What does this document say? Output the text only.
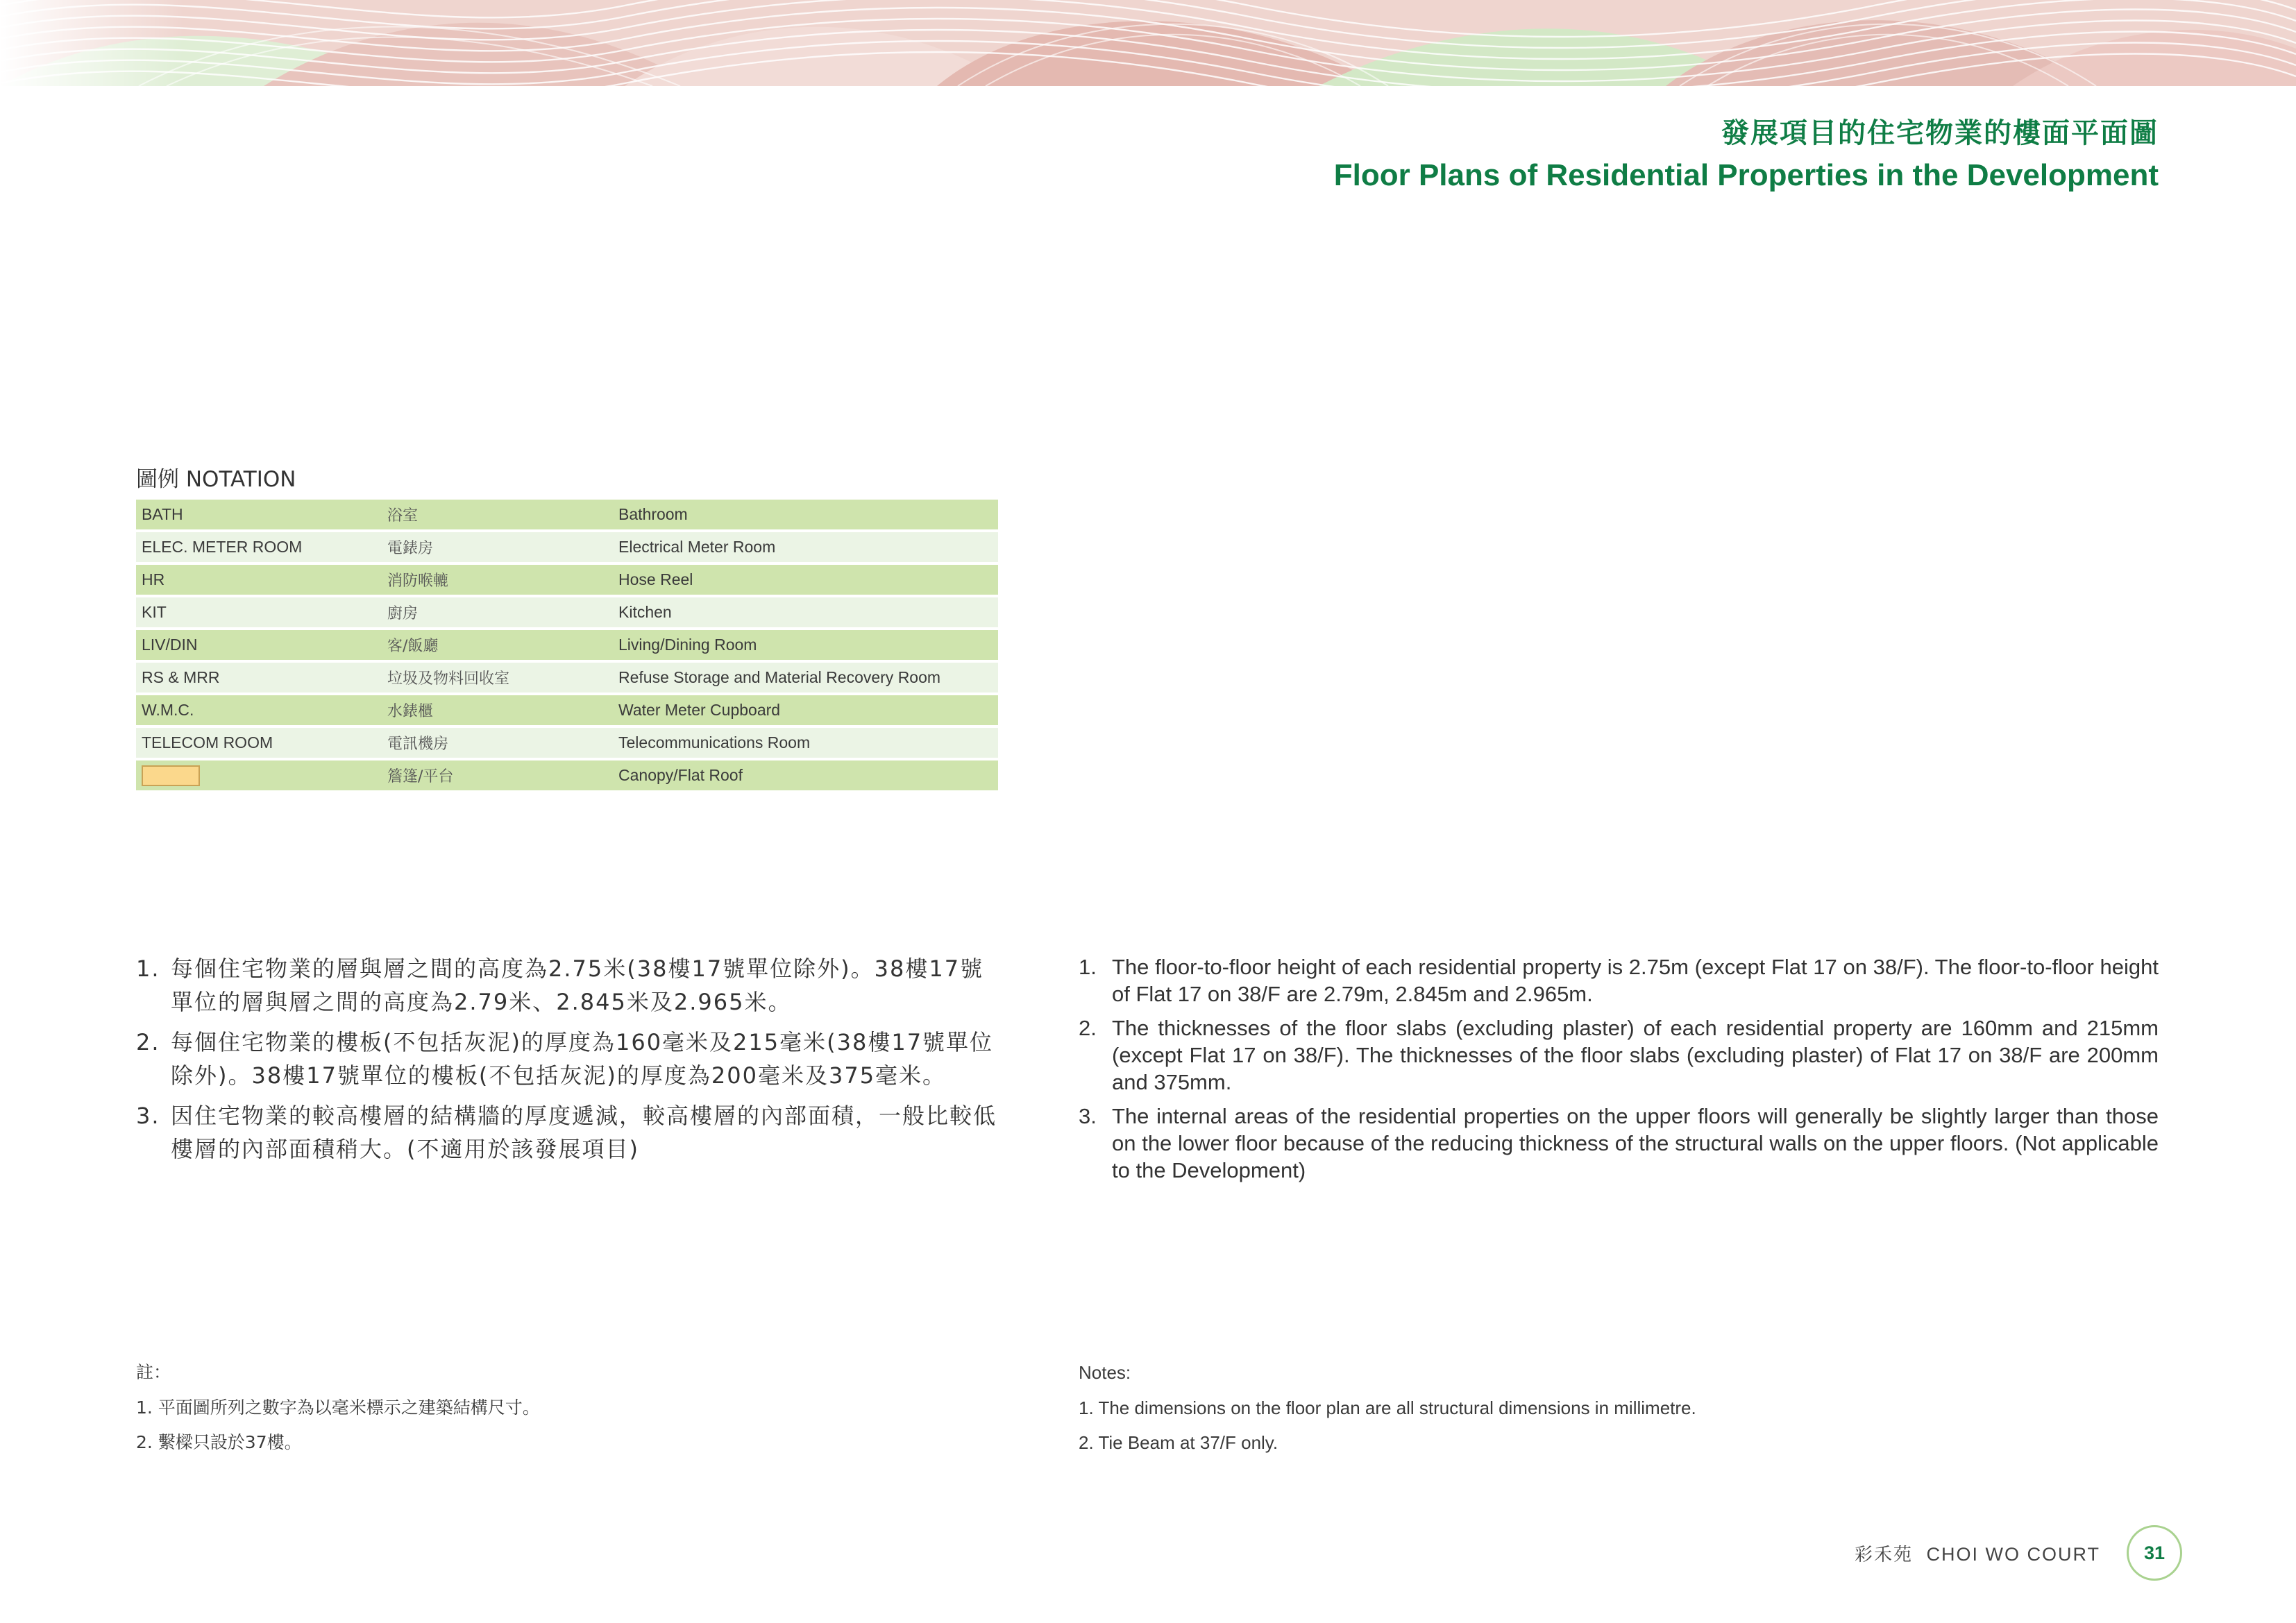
發展項目的住宅物業的樓面平面圖
Floor Plans of Residential Properties in the Development
圖例 NOTATION
BATH	浴室	Bathroom
ELEC. METER ROOM	電錶房	Electrical Meter Room
HR	消防喉轆	Hose Reel
KIT	廚房	Kitchen
LIV/DIN	客/飯廳	Living/Dining Room
RS & MRR	垃圾及物料回收室	Refuse Storage and Material Recovery Room
W.M.C.	水錶櫃	Water Meter Cupboard
TELECOM ROOM	電訊機房	Telecommunications Room
	簷篷/平台	Canopy/Flat Roof
1. 每個住宅物業的層與層之間的高度為2.75米(38樓17號單位除外)。38樓17號單位的層與層之間的高度為2.79米、2.845米及2.965米。
2. 每個住宅物業的樓板(不包括灰泥)的厚度為160毫米及215毫米(38樓17號單位除外)。38樓17號單位的樓板(不包括灰泥)的厚度為200毫米及375毫米。
3. 因住宅物業的較高樓層的結構牆的厚度遞減，較高樓層的內部面積，一般比較低樓層的內部面積稍大。(不適用於該發展項目)
1. The floor-to-floor height of each residential property is 2.75m (except Flat 17 on 38/F). The floor-to-floor height of Flat 17 on 38/F are 2.79m, 2.845m and 2.965m.
2. The thicknesses of the floor slabs (excluding plaster) of each residential property are 160mm and 215mm (except Flat 17 on 38/F). The thicknesses of the floor slabs (excluding plaster) of Flat 17 on 38/F are 200mm and 375mm.
3. The internal areas of the residential properties on the upper floors will generally be slightly larger than those on the lower floor because of the reducing thickness of the structural walls on the upper floors. (Not applicable to the Development)
註：
1. 平面圖所列之數字為以毫米標示之建築結構尺寸。
2. 繫樑只設於37樓。
Notes:
1. The dimensions on the floor plan are all structural dimensions in millimetre.
2. Tie Beam at 37/F only.
彩禾苑 CHOI WO COURT	31
